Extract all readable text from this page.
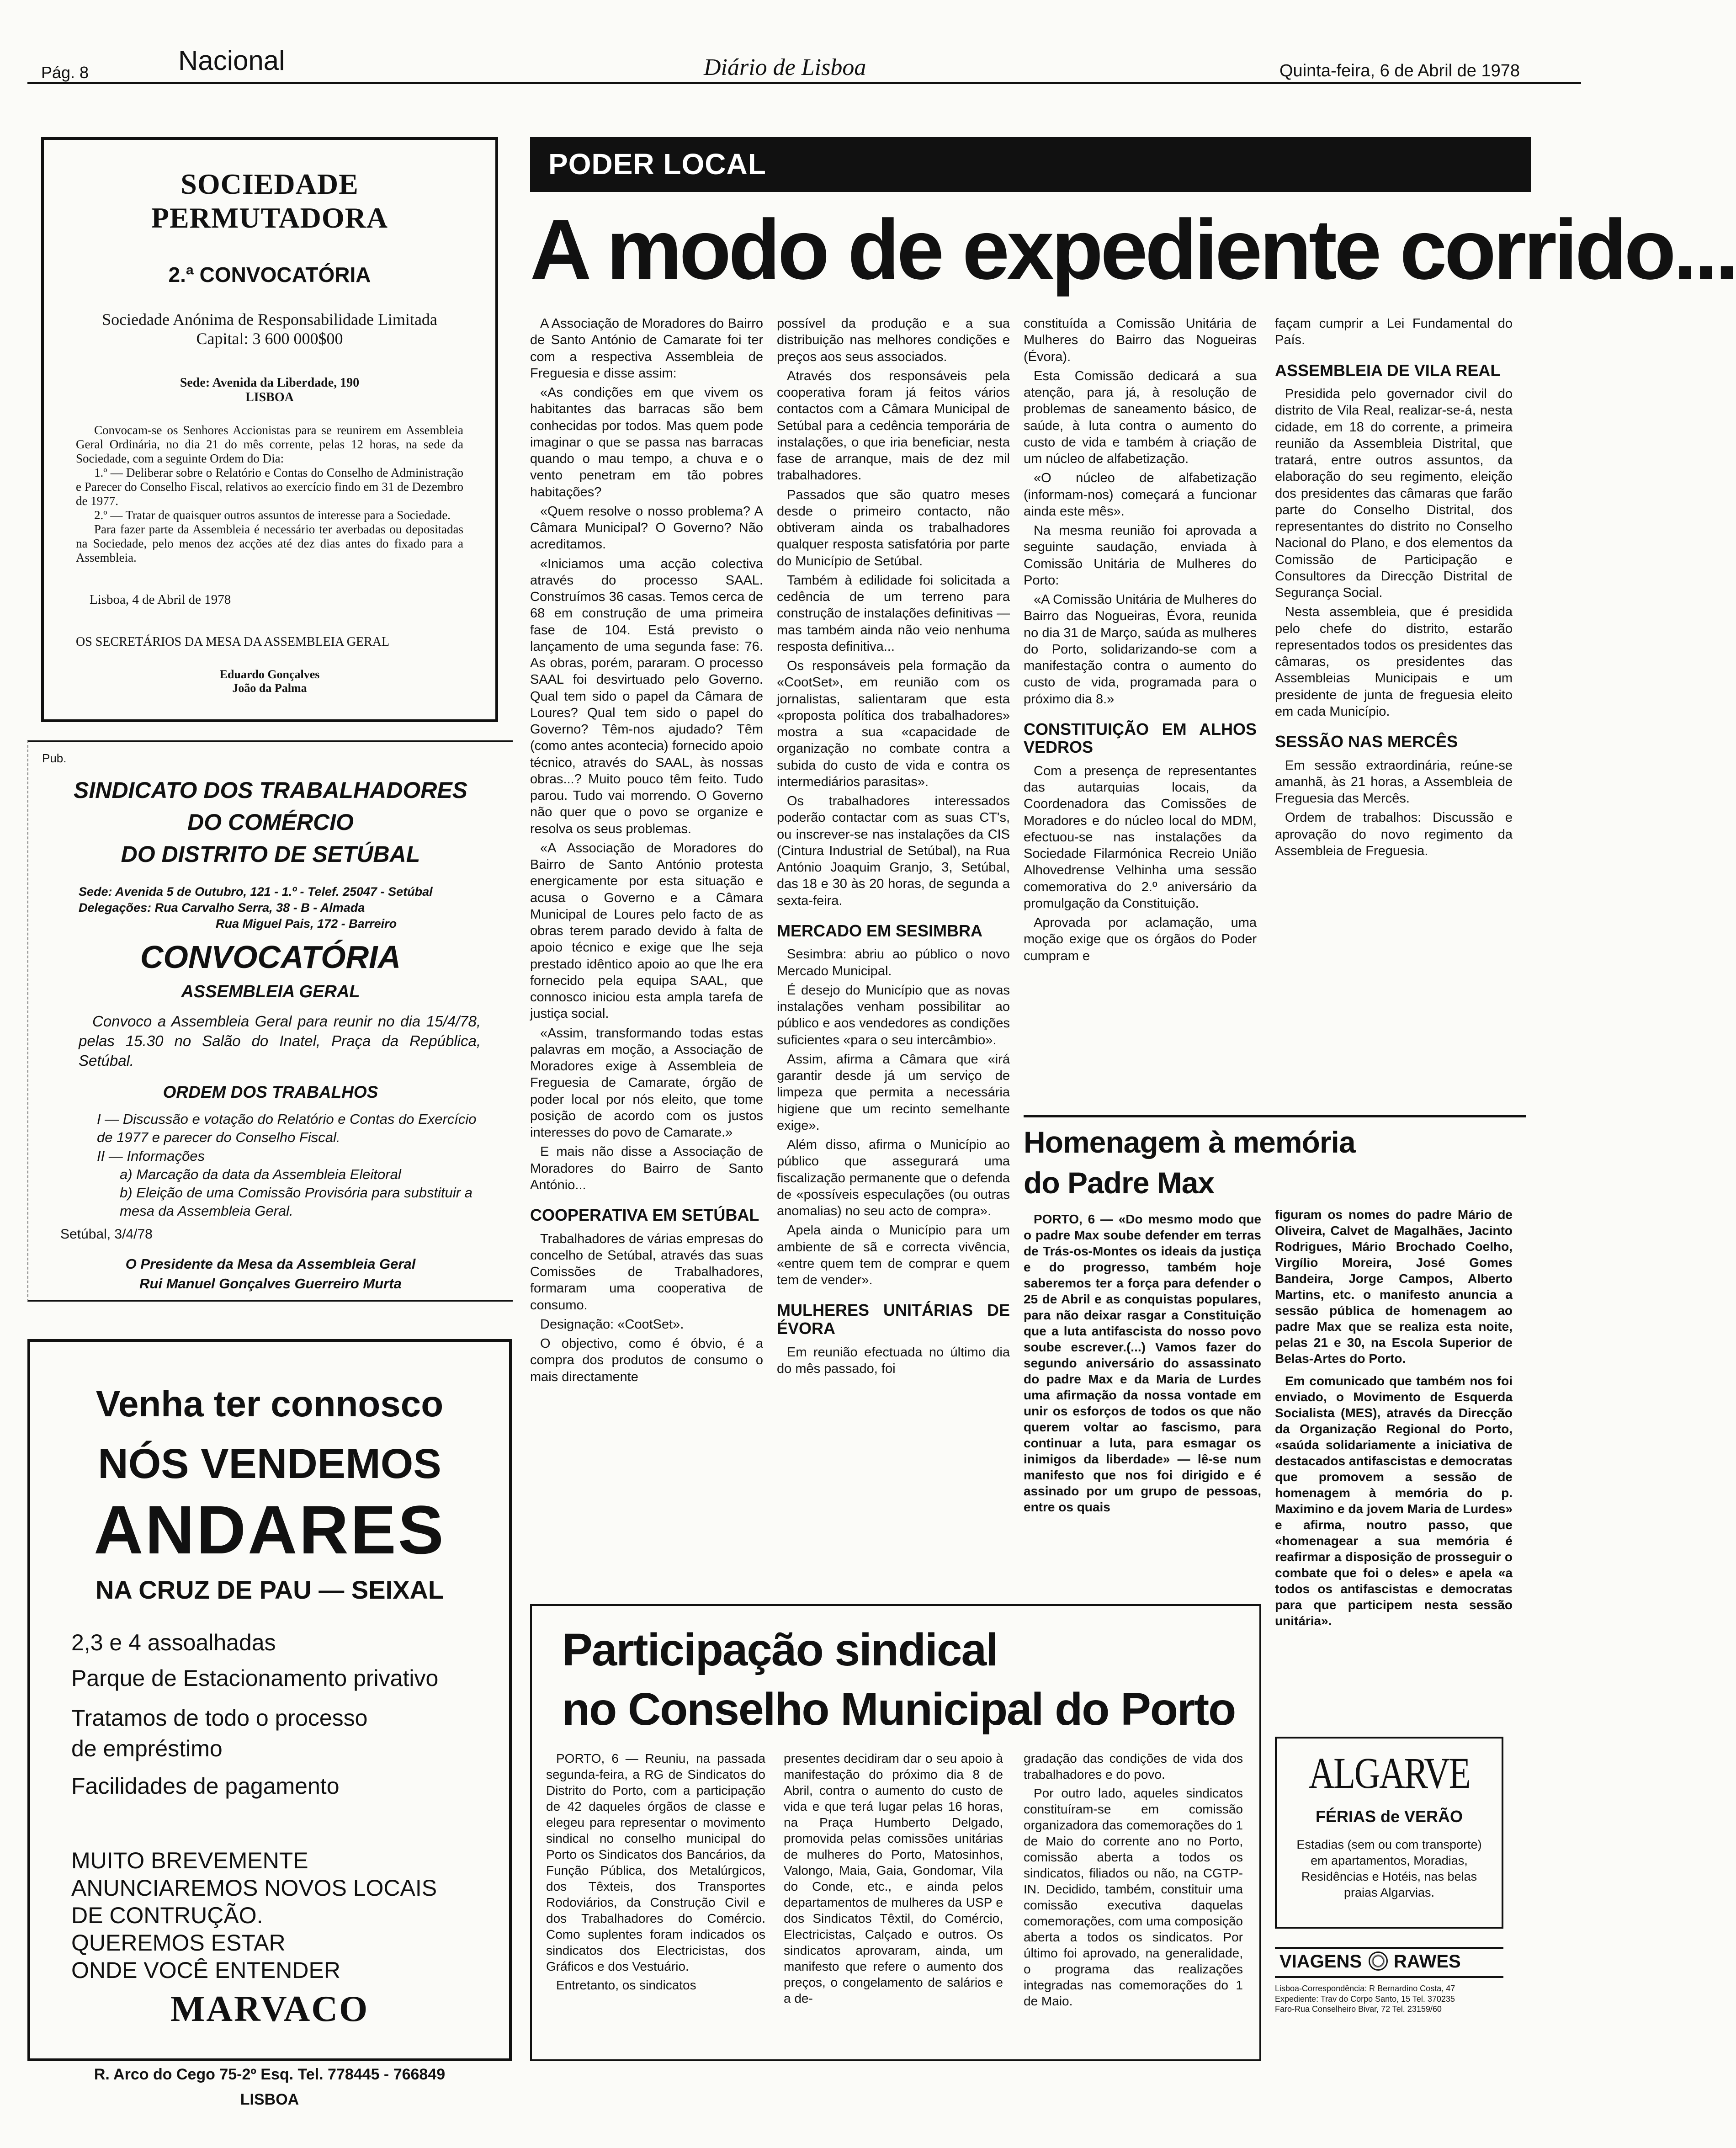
Pág. 8	Nacional	Diário de Lisboa	Quinta-feira, 6 de Abril de 1978
SOCIEDADE PERMUTADORA
2.ª CONVOCATÓRIA
Sociedade Anónima de Responsabilidade Limitada
Capital: 3 600 000$00
Sede: Avenida da Liberdade, 190
LISBOA

Convocam-se os Senhores Accionistas para se reunirem em Assembleia Geral Ordinária, no dia 21 do mês corrente, pelas 12 horas, na sede da Sociedade, com a seguinte Ordem do Dia:

1.º — Deliberar sobre o Relatório e Contas do Conselho de Administração e Parecer do Conselho Fiscal, relativos ao exercício findo em 31 de Dezembro de 1977.

2.º — Tratar de quaisquer outros assuntos de interesse para a Sociedade.

Para fazer parte da Assembleia é necessário ter averbadas ou depositadas na Sociedade, pelo menos dez acções até dez dias antes do fixado para a Assembleia.

Lisboa, 4 de Abril de 1978
OS SECRETÁRIOS DA MESA DA ASSEMBLEIA GERAL
Eduardo Gonçalves
João da Palma
Pub.
SINDICATO DOS TRABALHADORES
DO COMÉRCIO
DO DISTRITO DE SETÚBAL
Sede: Avenida 5 de Outubro, 121 - 1.º - Telef. 25047 - Setúbal
Delegações: Rua Carvalho Serra, 38 - B - Almada
Rua Miguel Pais, 172 - Barreiro
CONVOCATÓRIA
ASSEMBLEIA GERAL
Convoco a Assembleia Geral para reunir no dia 15/4/78, pelas 15.30 no Salão do Inatel, Praça da República, Setúbal.
ORDEM DOS TRABALHOS
I — Discussão e votação do Relatório e Contas do Exercício de 1977 e parecer do Conselho Fiscal.
II — Informações
a) Marcação da data da Assembleia Eleitoral
b) Eleição de uma Comissão Provisória para substituir a mesa da Assembleia Geral.
Setúbal, 3/4/78
O Presidente da Mesa da Assembleia Geral
Rui Manuel Gonçalves Guerreiro Murta
Venha ter connosco
NÓS VENDEMOS
ANDARES
NA CRUZ DE PAU — SEIXAL
2,3 e 4 assoalhadas
Parque de Estacionamento privativo
Tratamos de todo o processo
de empréstimo
Facilidades de pagamento
MUITO BREVEMENTE
ANUNCIAREMOS NOVOS LOCAIS
DE CONTRUÇÃO.
QUEREMOS ESTAR
ONDE VOCÊ ENTENDER
MARVACO
R. Arco do Cego 75-2º Esq. Tel. 778445 - 766849
LISBOA
PODER LOCAL
A modo de expediente corrido...

A Associação de Moradores do Bairro de Santo António de Camarate foi ter com a respectiva Assembleia de Freguesia e disse assim:

«As condições em que vivem os habitantes das barracas são bem conhecidas por todos. Mas quem pode imaginar o que se passa nas barracas quando o mau tempo, a chuva e o vento penetram em tão pobres habitações?

«Quem resolve o nosso problema? A Câmara Municipal? O Governo? Não acreditamos.

«Iniciamos uma acção colectiva através do processo SAAL. Construímos 36 casas. Temos cerca de 68 em construção de uma primeira fase de 104. Está previsto o lançamento de uma segunda fase: 76. As obras, porém, pararam. O processo SAAL foi desvirtuado pelo Governo. Qual tem sido o papel da Câmara de Loures? Qual tem sido o papel do Governo? Têm-nos ajudado? Têm (como antes acontecia) fornecido apoio técnico, através do SAAL, às nossas obras...? Muito pouco têm feito. Tudo parou. Tudo vai morrendo. O Governo não quer que o povo se organize e resolva os seus problemas.

«A Associação de Moradores do Bairro de Santo António protesta energicamente por esta situação e acusa o Governo e a Câmara Municipal de Loures pelo facto de as obras terem parado devido à falta de apoio técnico e exige que lhe seja prestado idêntico apoio ao que lhe era fornecido pela equipa SAAL, que connosco iniciou esta ampla tarefa de justiça social.

«Assim, transformando todas estas palavras em moção, a Associação de Moradores exige à Assembleia de Freguesia de Camarate, órgão de poder local por nós eleito, que tome posição de acordo com os justos interesses do povo de Camarate.»

E mais não disse a Associação de Moradores do Bairro de Santo António...

COOPERATIVA EM SETÚBAL

Trabalhadores de várias empresas do concelho de Setúbal, através das suas Comissões de Trabalhadores, formaram uma cooperativa de consumo.

Designação: «CootSet».

O objectivo, como é óbvio, é a compra dos produtos de consumo o mais directamente

possível da produção e a sua distribuição nas melhores condições e preços aos seus associados.

Através dos responsáveis pela cooperativa foram já feitos vários contactos com a Câmara Municipal de Setúbal para a cedência temporária de instalações, o que iria beneficiar, nesta fase de arranque, mais de dez mil trabalhadores.

Passados que são quatro meses desde o primeiro contacto, não obtiveram ainda os trabalhadores qualquer resposta satisfatória por parte do Município de Setúbal.

Também à edilidade foi solicitada a cedência de um terreno para construção de instalações definitivas — mas também ainda não veio nenhuma resposta definitiva...

Os responsáveis pela formação da «CootSet», em reunião com os jornalistas, salientaram que esta «proposta política dos trabalhadores» mostra a sua «capacidade de organização no combate contra a subida do custo de vida e contra os intermediários parasitas».

Os trabalhadores interessados poderão contactar com as suas CT's, ou inscrever-se nas instalações da CIS (Cintura Industrial de Setúbal), na Rua António Joaquim Granjo, 3, Setúbal, das 18 e 30 às 20 horas, de segunda a sexta-feira.

MERCADO EM SESIMBRA

Sesimbra: abriu ao público o novo Mercado Municipal.

É desejo do Município que as novas instalações venham possibilitar ao público e aos vendedores as condições suficientes «para o seu intercâmbio».

Assim, afirma a Câmara que «irá garantir desde já um serviço de limpeza que permita a necessária higiene que um recinto semelhante exige».

Além disso, afirma o Município ao público que assegurará uma fiscalização permanente que o defenda de «possíveis especulações (ou outras anomalias) no seu acto de compra».

Apela ainda o Município para um ambiente de sã e correcta vivência, «entre quem tem de comprar e quem tem de vender».

MULHERES UNITÁRIAS DE ÉVORA

Em reunião efectuada no último dia do mês passado, foi

constituída a Comissão Unitária de Mulheres do Bairro das Nogueiras (Évora).

Esta Comissão dedicará a sua atenção, para já, à resolução de problemas de saneamento básico, de saúde, à luta contra o aumento do custo de vida e também à criação de um núcleo de alfabetização.

«O núcleo de alfabetização (informam-nos) começará a funcionar ainda este mês».

Na mesma reunião foi aprovada a seguinte saudação, enviada à Comissão Unitária de Mulheres do Porto:

«A Comissão Unitária de Mulheres do Bairro das Nogueiras, Évora, reunida no dia 31 de Março, saúda as mulheres do Porto, solidarizando-se com a manifestação contra o aumento do custo de vida, programada para o próximo dia 8.»

CONSTITUIÇÃO EM ALHOS VEDROS

Com a presença de representantes das autarquias locais, da Coordenadora das Comissões de Moradores e do núcleo local do MDM, efectuou-se nas instalações da Sociedade Filarmónica Recreio União Alhovedrense Velhinha uma sessão comemorativa do 2.º aniversário da promulgação da Constituição.

Aprovada por aclamação, uma moção exige que os órgãos do Poder cumpram e

façam cumprir a Lei Fundamental do País.

ASSEMBLEIA DE VILA REAL

Presidida pelo governador civil do distrito de Vila Real, realizar-se-á, nesta cidade, em 18 do corrente, a primeira reunião da Assembleia Distrital, que tratará, entre outros assuntos, da elaboração do seu regimento, eleição dos presidentes das câmaras que farão parte do Conselho Distrital, dos representantes do distrito no Conselho Nacional do Plano, e dos elementos da Comissão de Participação e Consultores da Direcção Distrital de Segurança Social.

Nesta assembleia, que é presidida pelo chefe do distrito, estarão representados todos os presidentes das câmaras, os presidentes das Assembleias Municipais e um presidente de junta de freguesia eleito em cada Município.

SESSÃO NAS MERCÊS

Em sessão extraordinária, reúne-se amanhã, às 21 horas, a Assembleia de Freguesia das Mercês.

Ordem de trabalhos: Discussão e aprovação do novo regimento da Assembleia de Freguesia.

Homenagem à memória
do Padre Max

PORTO, 6 — «Do mesmo modo que o padre Max soube defender em terras de Trás-os-Montes os ideais da justiça e do progresso, também hoje saberemos ter a força para defender o 25 de Abril e as conquistas populares, para não deixar rasgar a Constituição que a luta antifascista do nosso povo soube escrever.(...) Vamos fazer do segundo aniversário do assassinato do padre Max e da Maria de Lurdes uma afirmação da nossa vontade em unir os esforços de todos os que não querem voltar ao fascismo, para continuar a luta, para esmagar os inimigos da liberdade» — lê-se num manifesto que nos foi dirigido e é assinado por um grupo de pessoas, entre os quais

figuram os nomes do padre Mário de Oliveira, Calvet de Magalhães, Jacinto Rodrigues, Mário Brochado Coelho, Virgílio Moreira, José Gomes Bandeira, Jorge Campos, Alberto Martins, etc. o manifesto anuncia a sessão pública de homenagem ao padre Max que se realiza esta noite, pelas 21 e 30, na Escola Superior de Belas-Artes do Porto.

Em comunicado que também nos foi enviado, o Movimento de Esquerda Socialista (MES), através da Direcção da Organização Regional do Porto, «saúda solidariamente a iniciativa de destacados antifascistas e democratas que promovem a sessão de homenagem à memória do p. Maximino e da jovem Maria de Lurdes» e afirma, noutro passo, que «homenagear a sua memória é reafirmar a disposição de prosseguir o combate que foi o deles» e apela «a todos os antifascistas e democratas para que participem nesta sessão unitária».

Participação sindical
no Conselho Municipal do Porto

PORTO, 6 — Reuniu, na passada segunda-feira, a RG de Sindicatos do Distrito do Porto, com a participação de 42 daqueles órgãos de classe e elegeu para representar o movimento sindical no conselho municipal do Porto os Sindicatos dos Bancários, da Função Pública, dos Metalúrgicos, dos Têxteis, dos Transportes Rodoviários, da Construção Civil e dos Trabalhadores do Comércio. Como suplentes foram indicados os sindicatos dos Electricistas, dos Gráficos e dos Vestuário.

Entretanto, os sindicatos

presentes decidiram dar o seu apoio à manifestação do próximo dia 8 de Abril, contra o aumento do custo de vida e que terá lugar pelas 16 horas, na Praça Humberto Delgado, promovida pelas comissões unitárias de mulheres do Porto, Matosinhos, Valongo, Maia, Gaia, Gondomar, Vila do Conde, etc., e ainda pelos departamentos de mulheres da USP e dos Sindicatos Têxtil, do Comércio, Electricistas, Calçado e outros. Os sindicatos aprovaram, ainda, um manifesto que refere o aumento dos preços, o congelamento de salários e a de-

gradação das condições de vida dos trabalhadores e do povo.

Por outro lado, aqueles sindicatos constituíram-se em comissão organizadora das comemorações do 1 de Maio do corrente ano no Porto, comissão aberta a todos os sindicatos, filiados ou não, na CGTP-IN. Decidido, também, constituir uma comissão executiva daquelas comemorações, com uma composição aberta a todos os sindicatos. Por último foi aprovado, na generalidade, o programa das realizações integradas nas comemorações do 1 de Maio.

ALGARVE
FÉRIAS de VERÃO
Estadias (sem ou com transporte) em apartamentos, Moradias, Residências e Hotéis, nas belas praias Algarvias.
VIAGENS RAWES
Lisboa-Correspondência: R Bernardino Costa, 47
Expediente: Trav do Corpo Santo, 15 Tel. 370235
Faro-Rua Conselheiro Bivar, 72 Tel. 23159/60
